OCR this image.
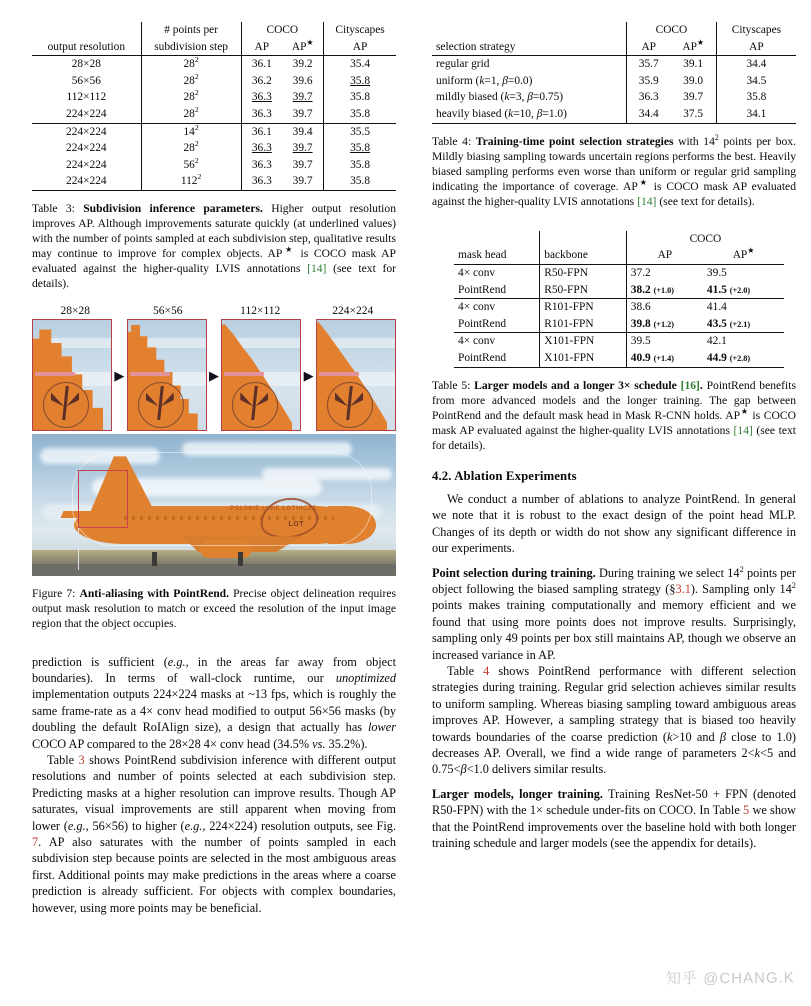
	# points per	COCO		Cityscapes
output resolution	subdivision step	AP	AP★	AP
28×28	$28^2$	36.1	39.2	35.4
56×56	$28^2$	36.2	39.6	35.8
112×112	$28^2$	36.3	39.7	35.8
224×224	$28^2$	36.3	39.7	35.8
224×224	$14^2$	36.1	39.4	35.5
224×224	$28^2$	36.3	39.7	35.8
224×224	$56^2$	36.3	39.7	35.8
224×224	$112^2$	36.3	39.7	35.8

Table 3: Subdivision inference parameters. Higher output resolution improves AP. Although improvements saturate quickly (at underlined values) with the number of points sampled at each subdivision step, qualitative results may continue to improve for complex objects. AP★ is COCO mask AP evaluated against the higher-quality LVIS annotations [14] (see text for details).
28×28	56×56	112×112	224×224
▶	▶	▶
POLSKIE LINIE LOTNICZE
LOT
Figure 7: Anti-aliasing with PointRend. Precise object delineation requires output mask resolution to match or exceed the resolution of the input image region that the object occupies.

prediction is sufficient (e.g., in the areas far away from object boundaries). In terms of wall-clock runtime, our unoptimized implementation outputs 224×224 masks at ~13 fps, which is roughly the same frame-rate as a 4× conv head modified to output 56×56 masks (by doubling the default RoIAlign size), a design that actually has lower COCO AP compared to the 28×28 4× conv head (34.5% vs. 35.2%).

Table 3 shows PointRend subdivision inference with different output resolutions and number of points selected at each subdivision step. Predicting masks at a higher resolution can improve results. Though AP saturates, visual improvements are still apparent when moving from lower (e.g., 56×56) to higher (e.g., 224×224) resolution outputs, see Fig. 7. AP also saturates with the number of points sampled in each subdivision step because points are selected in the most ambiguous areas first. Additional points may make predictions in the areas where a coarse prediction is already sufficient. For objects with complex boundaries, however, using more points may be beneficial.

	COCO		Cityscapes
selection strategy	AP	AP★	AP
regular grid	35.7	39.1	34.4
uniform (k=1, β=0.0)	35.9	39.0	34.5
mildly biased (k=3, β=0.75)	36.3	39.7	35.8
heavily biased (k=10, β=1.0)	34.4	37.5	34.1

Table 4: Training-time point selection strategies with $14^2$ points per box. Mildly biasing sampling towards uncertain regions performs the best. Heavily biased sampling performs even worse than uniform or regular grid sampling indicating the importance of coverage. AP★ is COCO mask AP evaluated against the higher-quality LVIS annotations [14] (see text for details).
		COCO	
mask head	backbone	AP	AP★
4× conv	R50-FPN	37.2	39.5
PointRend	R50-FPN	38.2 (+1.0)	41.5 (+2.0)
4× conv	R101-FPN	38.6	41.4
PointRend	R101-FPN	39.8 (+1.2)	43.5 (+2.1)
4× conv	X101-FPN	39.5	42.1
PointRend	X101-FPN	40.9 (+1.4)	44.9 (+2.8)

Table 5: Larger models and a longer 3× schedule [16]. PointRend benefits from more advanced models and the longer training. The gap between PointRend and the default mask head in Mask R-CNN holds. AP★ is COCO mask AP evaluated against the higher-quality LVIS annotations [14] (see text for details).
4.2. Ablation Experiments

We conduct a number of ablations to analyze PointRend. In general we note that it is robust to the exact design of the point head MLP. Changes of its depth or width do not show any significant difference in our experiments.

Point selection during training. During training we select $14^2$ points per object following the biased sampling strategy (§3.1). Sampling only $14^2$ points makes training computationally and memory efficient and we found that using more points does not improve results. Surprisingly, sampling only 49 points per box still maintains AP, though we observe an increased variance in AP.

Table 4 shows PointRend performance with different selection strategies during training. Regular grid selection achieves similar results to uniform sampling. Whereas biasing sampling toward ambiguous areas improves AP. However, a sampling strategy that is biased too heavily towards boundaries of the coarse prediction (k>10 and β close to 1.0) decreases AP. Overall, we find a wide range of parameters 2<k<5 and 0.75<β<1.0 delivers similar results.

Larger models, longer training. Training ResNet-50 + FPN (denoted R50-FPN) with the 1× schedule under-fits on COCO. In Table 5 we show that the PointRend improvements over the baseline hold with both longer training schedule and larger models (see the appendix for details).

知乎 @CHANG.K
